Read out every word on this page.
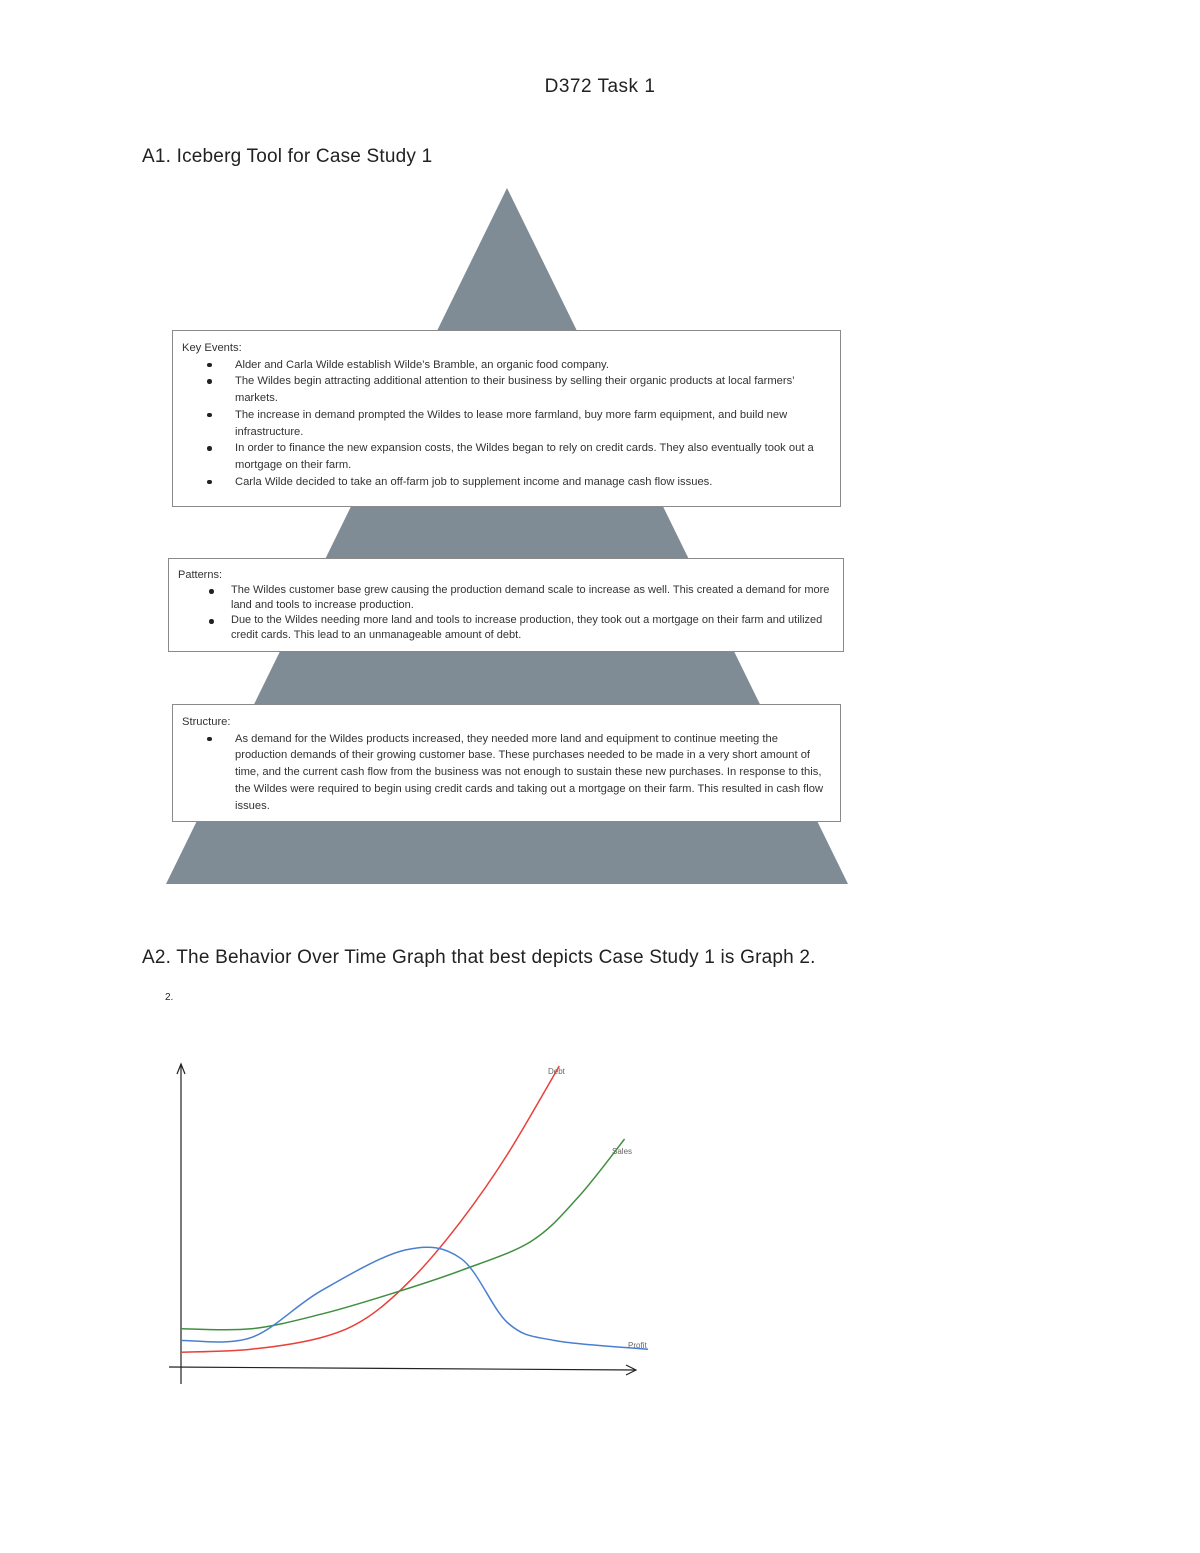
D372 Task 1
A1. Iceberg Tool for Case Study 1

Key Events:

Alder and Carla Wilde establish Wilde’s Bramble, an organic food company.
The Wildes begin attracting additional attention to their business by selling their organic products at local farmers’ markets.
The increase in demand prompted the Wildes to lease more farmland, buy more farm equipment, and build new infrastructure.
In order to finance the new expansion costs, the Wildes began to rely on credit cards. They also eventually took out a mortgage on their farm.
Carla Wilde decided to take an off-farm job to supplement income and manage cash flow issues.

Patterns:

The Wildes customer base grew causing the production demand scale to increase as well. This created a demand for more land and tools to increase production.
Due to the Wildes needing more land and tools to increase production, they took out a mortgage on their farm and utilized credit cards. This lead to an unmanageable amount of debt.

Structure:

As demand for the Wildes products increased, they needed more land and equipment to continue meeting the production demands of their growing customer base. These purchases needed to be made in a very short amount of time, and the current cash flow from the business was not enough to sustain these new purchases. In response to this, the Wildes were required to begin using credit cards and taking out a mortgage on their farm. This resulted in cash flow issues.
A2. The Behavior Over Time Graph that best depicts Case Study 1 is Graph 2.
2.
Debt
Sales
Profit
